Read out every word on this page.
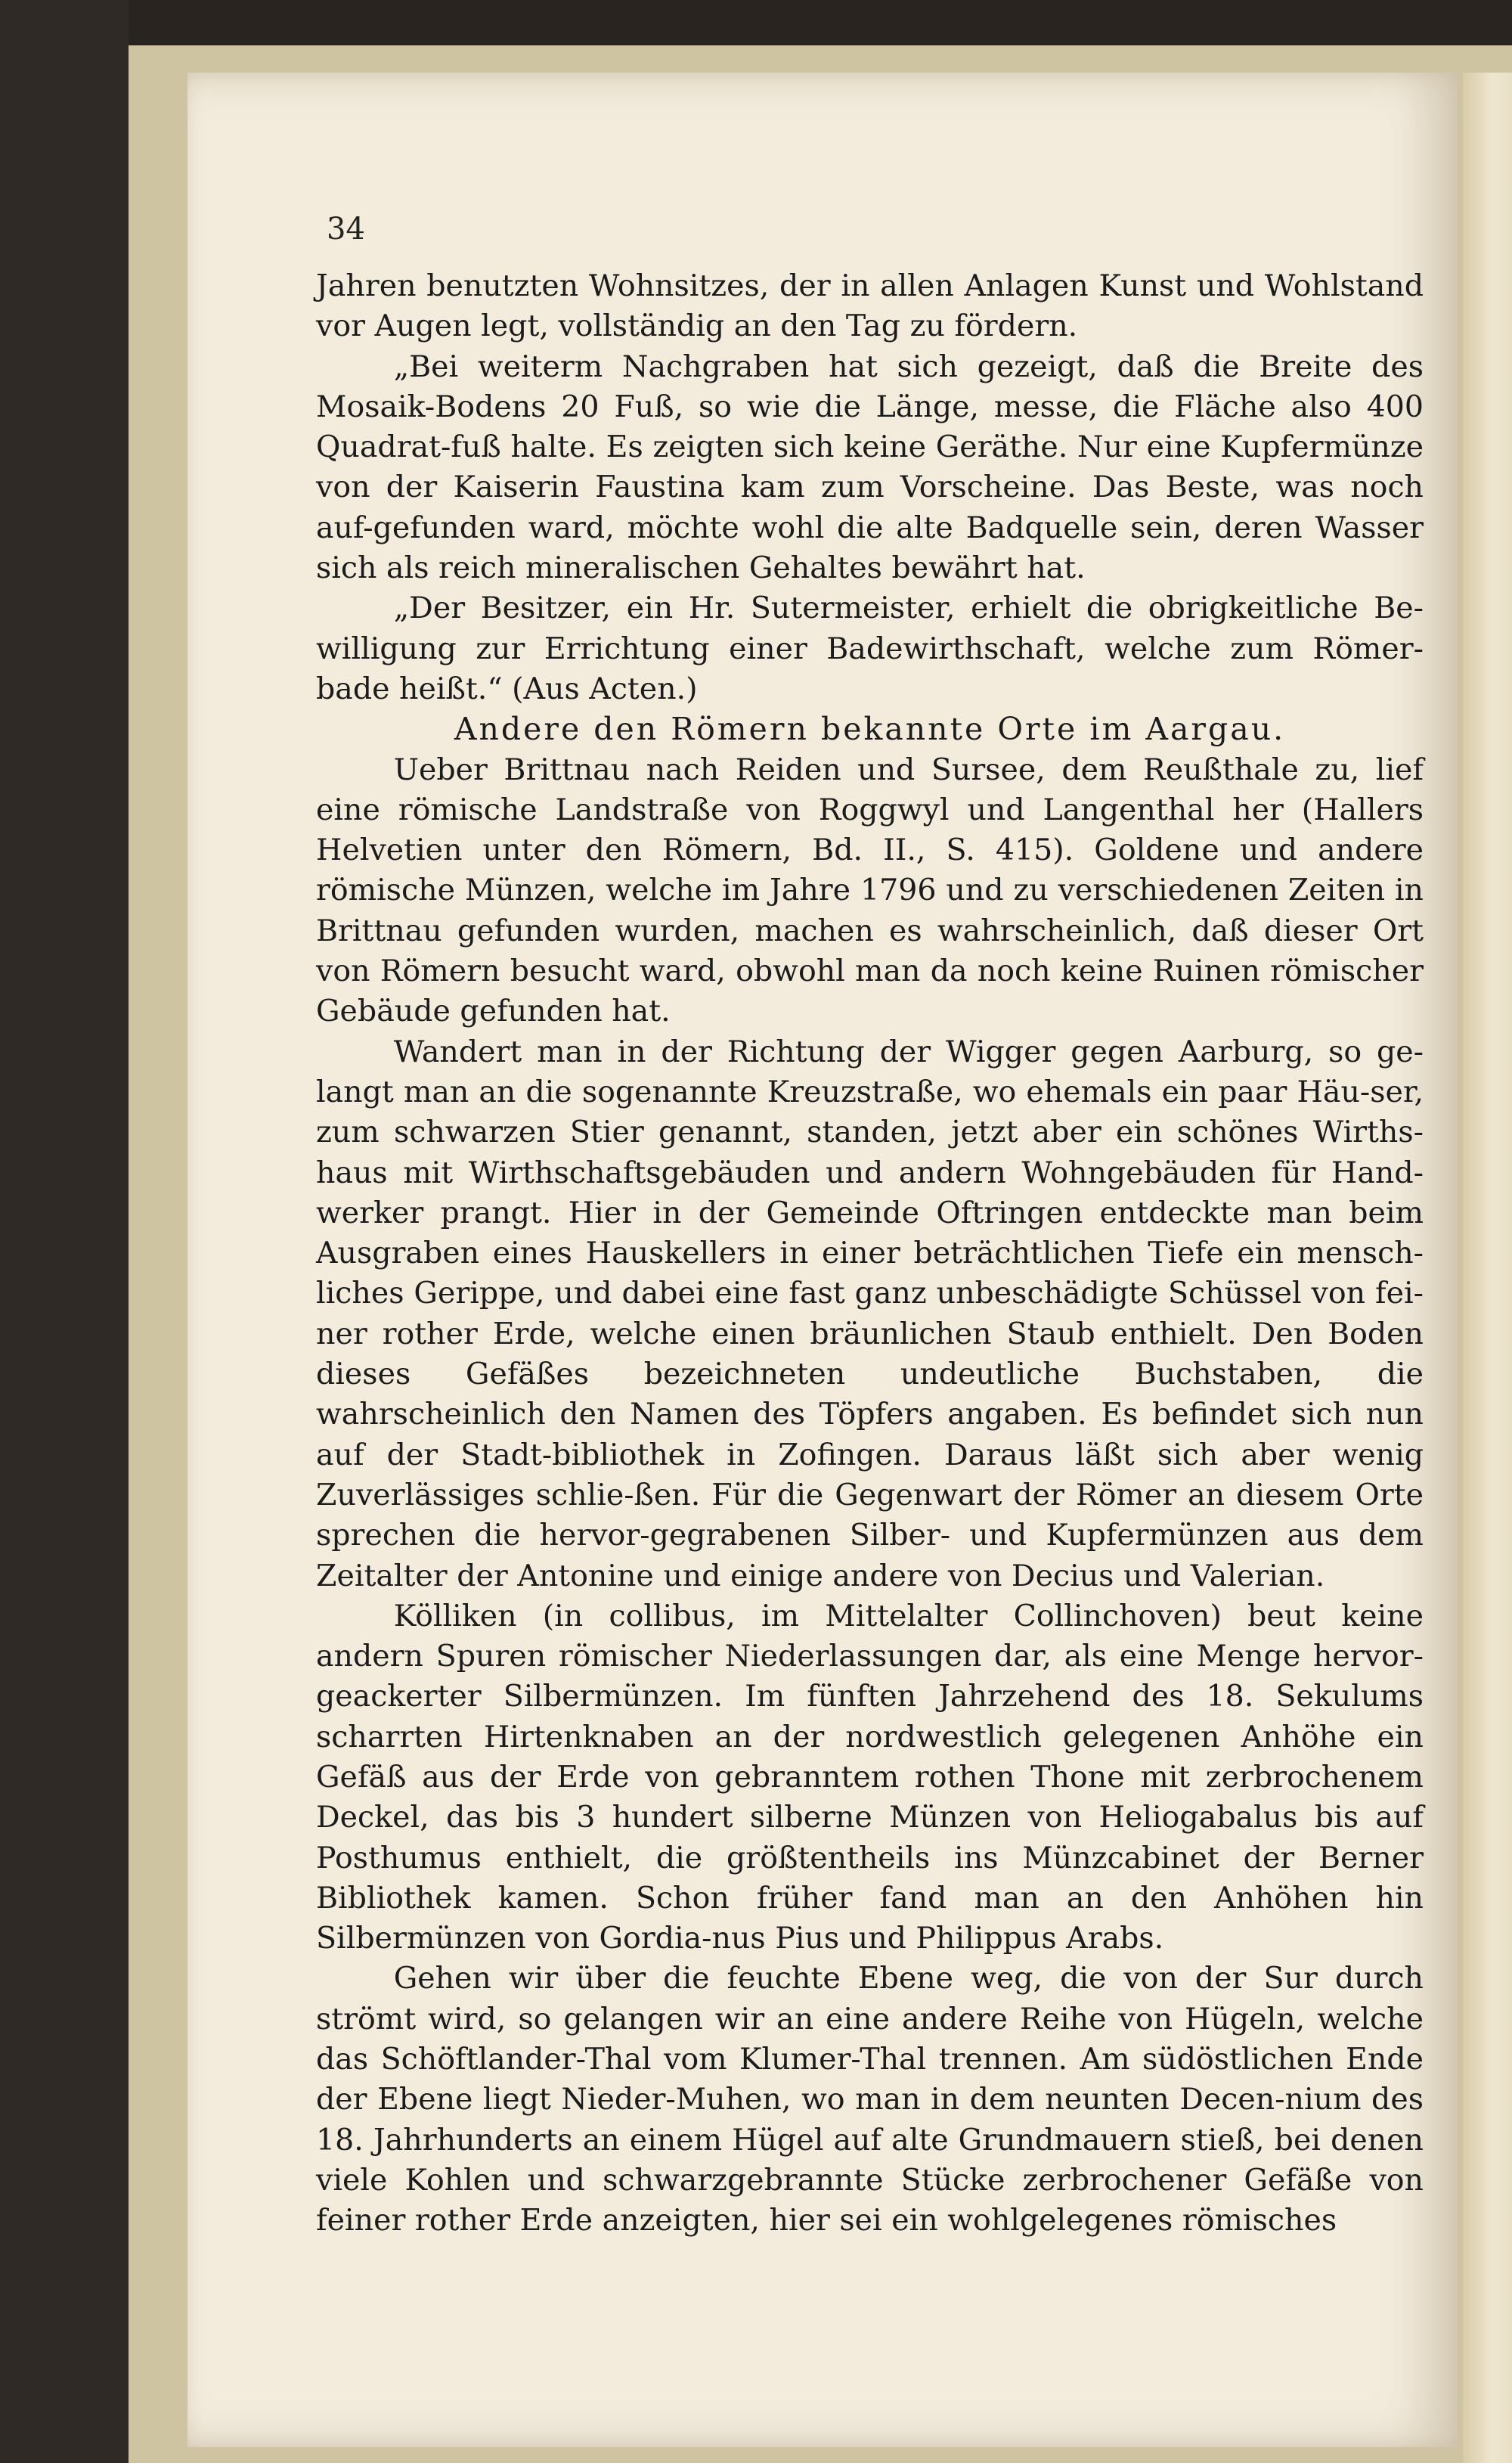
34

Jahren benutzten Wohnsitzes, der in allen Anlagen Kunst und Wohlstand vor Augen legt, vollständig an den Tag zu fördern.

„Bei weiterm Nachgraben hat sich gezeigt, daß die Breite des Mosaik-Bodens 20 Fuß, so wie die Länge, messe, die Fläche also 400 Quadrat-fuß halte. Es zeigten sich keine Geräthe. Nur eine Kupfermünze von der Kaiserin Faustina kam zum Vorscheine. Das Beste, was noch auf-gefunden ward, möchte wohl die alte Badquelle sein, deren Wasser sich als reich mineralischen Gehaltes bewährt hat.

„Der Besitzer, ein Hr. Sutermeister, erhielt die obrigkeitliche Be-willigung zur Errichtung einer Badewirthschaft, welche zum Römer-bade heißt.“ (Aus Acten.)

Andere den Römern bekannte Orte im Aargau.

Ueber Brittnau nach Reiden und Sursee, dem Reußthale zu, lief eine römische Landstraße von Roggwyl und Langenthal her (Hallers Helvetien unter den Römern, Bd. II., S. 415). Goldene und andere römische Münzen, welche im Jahre 1796 und zu verschiedenen Zeiten in Brittnau gefunden wurden, machen es wahrscheinlich, daß dieser Ort von Römern besucht ward, obwohl man da noch keine Ruinen römischer Gebäude gefunden hat.

Wandert man in der Richtung der Wigger gegen Aarburg, so ge-langt man an die sogenannte Kreuzstraße, wo ehemals ein paar Häu-ser, zum schwarzen Stier genannt, standen, jetzt aber ein schönes Wirths-haus mit Wirthschaftsgebäuden und andern Wohngebäuden für Hand-werker prangt. Hier in der Gemeinde Oftringen entdeckte man beim Ausgraben eines Hauskellers in einer beträchtlichen Tiefe ein mensch-liches Gerippe, und dabei eine fast ganz unbeschädigte Schüssel von fei-ner rother Erde, welche einen bräunlichen Staub enthielt. Den Boden dieses Gefäßes bezeichneten undeutliche Buchstaben, die wahrscheinlich den Namen des Töpfers angaben. Es befindet sich nun auf der Stadt-bibliothek in Zofingen. Daraus läßt sich aber wenig Zuverlässiges schlie-ßen. Für die Gegenwart der Römer an diesem Orte sprechen die hervor-gegrabenen Silber- und Kupfermünzen aus dem Zeitalter der Antonine und einige andere von Decius und Valerian.

Kölliken (in collibus, im Mittelalter Collinchoven) beut keine andern Spuren römischer Niederlassungen dar, als eine Menge hervor-geackerter Silbermünzen. Im fünften Jahrzehend des 18. Sekulums scharrten Hirtenknaben an der nordwestlich gelegenen Anhöhe ein Gefäß aus der Erde von gebranntem rothen Thone mit zerbrochenem Deckel, das bis 3 hundert silberne Münzen von Heliogabalus bis auf Posthumus enthielt, die größtentheils ins Münzcabinet der Berner Bibliothek kamen. Schon früher fand man an den Anhöhen hin Silbermünzen von Gordia-nus Pius und Philippus Arabs.

Gehen wir über die feuchte Ebene weg, die von der Sur durch strömt wird, so gelangen wir an eine andere Reihe von Hügeln, welche das Schöftlander-Thal vom Klumer-Thal trennen. Am südöstlichen Ende der Ebene liegt Nieder-Muhen, wo man in dem neunten Decen-nium des 18. Jahrhunderts an einem Hügel auf alte Grundmauern stieß, bei denen viele Kohlen und schwarzgebrannte Stücke zerbrochener Gefäße von feiner rother Erde anzeigten, hier sei ein wohlgelegenes römisches
